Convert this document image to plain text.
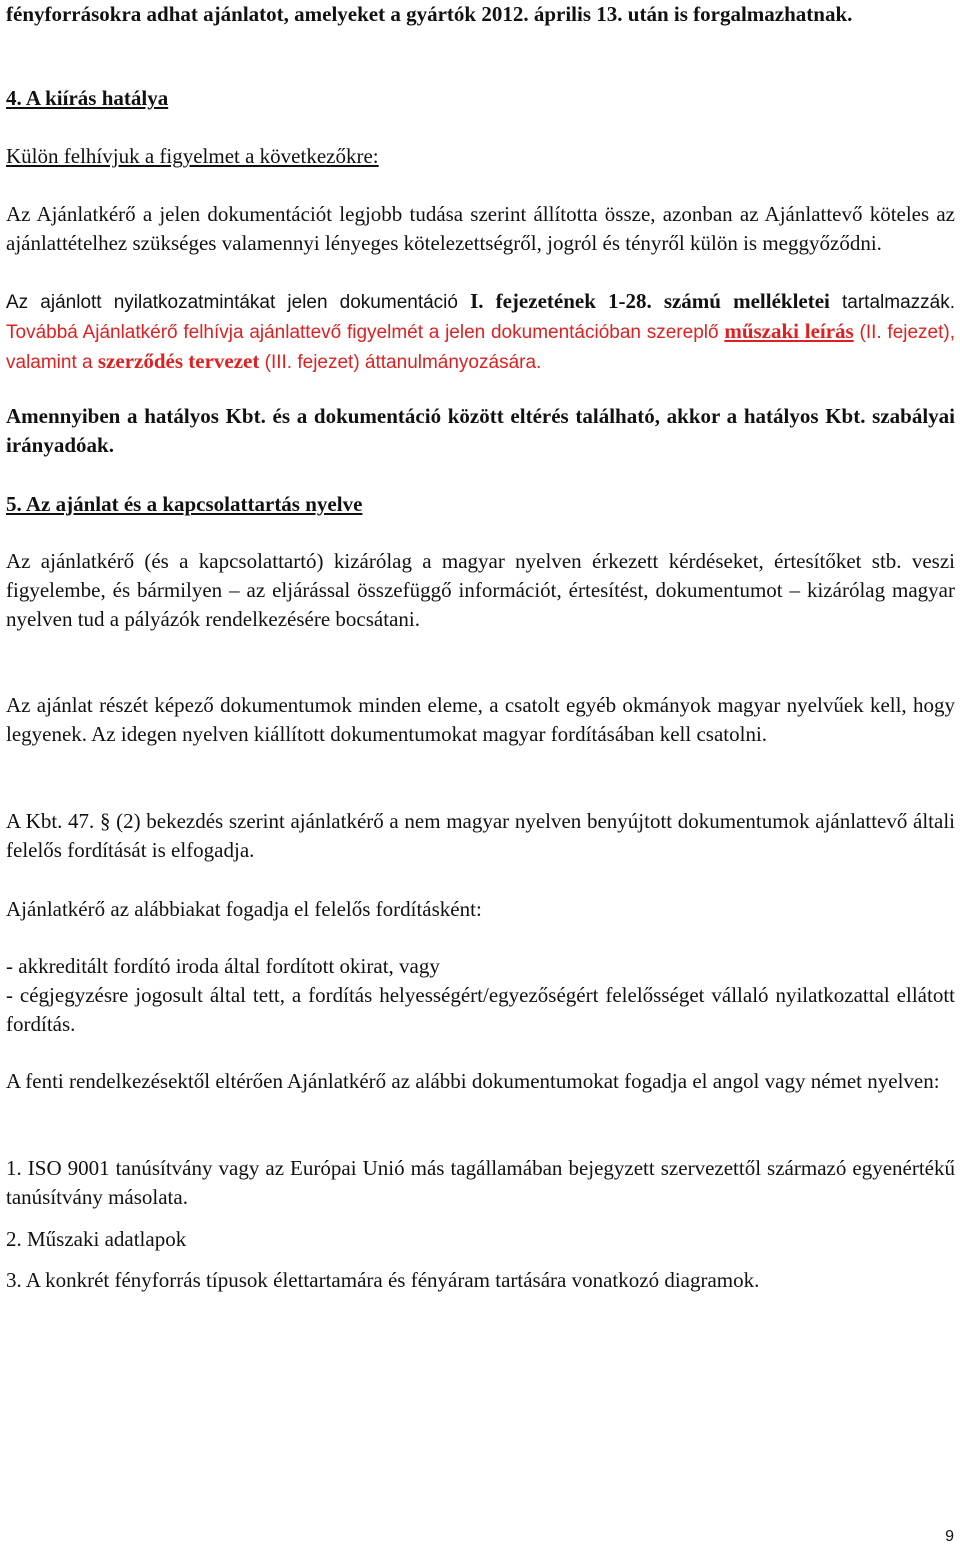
fényforrásokra adhat ajánlatot, amelyeket a gyártók 2012. április 13. után is forgalmazhatnak.

4. A kiírás hatálya

Külön felhívjuk a figyelmet a következőkre:

Az Ajánlatkérő a jelen dokumentációt legjobb tudása szerint állította össze, azonban az Ajánlattevő köteles az ajánlattételhez szükséges valamennyi lényeges kötelezettségről, jogról és tényről külön is meggyőződni.

Az ajánlott nyilatkozatmintákat jelen dokumentáció I. fejezetének 1-28. számú mellékletei tartalmazzák. Továbbá Ajánlatkérő felhívja ajánlattevő figyelmét a jelen dokumentációban szereplő műszaki leírás (II. fejezet), valamint a szerződés tervezet (III. fejezet) áttanulmányozására.

Amennyiben a hatályos Kbt. és a dokumentáció között eltérés található, akkor a hatályos Kbt. szabályai irányadóak.

5. Az ajánlat és a kapcsolattartás nyelve

Az ajánlatkérő (és a kapcsolattartó) kizárólag a magyar nyelven érkezett kérdéseket, értesítőket stb. veszi figyelembe, és bármilyen – az eljárással összefüggő információt, értesítést, dokumentumot – kizárólag magyar nyelven tud a pályázók rendelkezésére bocsátani.

Az ajánlat részét képező dokumentumok minden eleme, a csatolt egyéb okmányok magyar nyelvűek kell, hogy legyenek. Az idegen nyelven kiállított dokumentumokat magyar fordításában kell csatolni.

A Kbt. 47. § (2) bekezdés szerint ajánlatkérő a nem magyar nyelven benyújtott dokumentumok ajánlattevő általi felelős fordítását is elfogadja.

Ajánlatkérő az alábbiakat fogadja el felelős fordításként:

- akkreditált fordító iroda által fordított okirat, vagy

- cégjegyzésre jogosult által tett, a fordítás helyességért/egyezőségért felelősséget vállaló nyilatkozattal ellátott fordítás.

A fenti rendelkezésektől eltérően Ajánlatkérő az alábbi dokumentumokat fogadja el angol vagy német nyelven:

1. ISO 9001 tanúsítvány vagy az Európai Unió más tagállamában bejegyzett szervezettől származó egyenértékű tanúsítvány másolata.

2. Műszaki adatlapok

3. A konkrét fényforrás típusok élettartamára és fényáram tartására vonatkozó diagramok.

9
